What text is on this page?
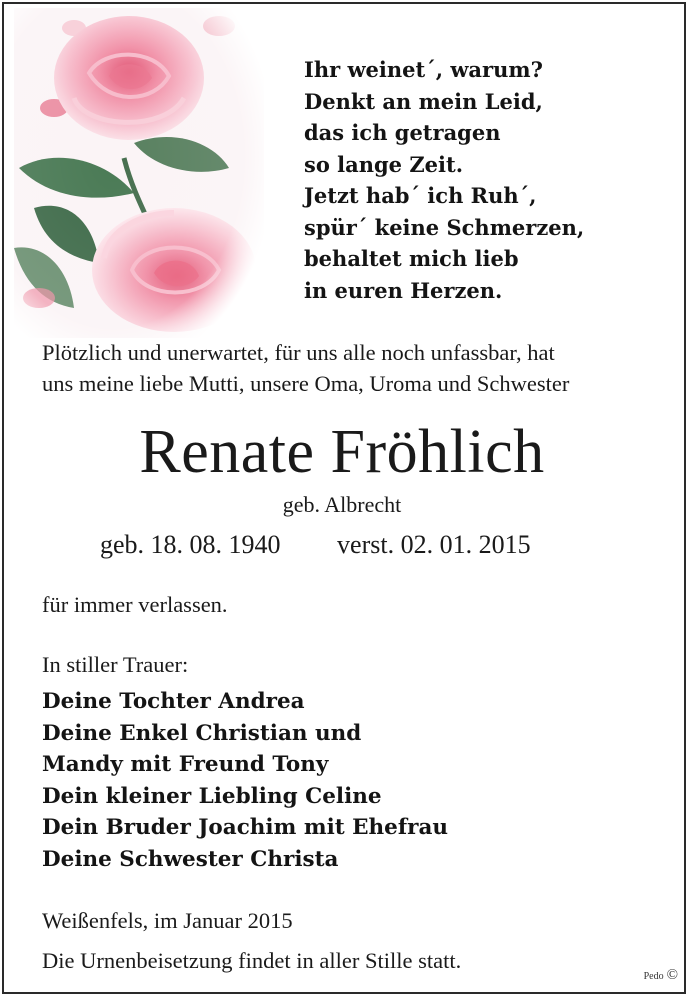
Ihr weinet´, warum?
Denkt an mein Leid,
das ich getragen
so lange Zeit.
Jetzt hab´ ich Ruh´,
spür´ keine Schmerzen,
behaltet mich lieb
in euren Herzen.
Plötzlich und unerwartet, für uns alle noch unfassbar, hat
uns meine liebe Mutti, unsere Oma, Uroma und Schwester
Renate Fröhlich
geb. Albrecht
geb. 18. 08. 1940 verst. 02. 01. 2015
für immer verlassen.
In stiller Trauer:
Deine Tochter Andrea
Deine Enkel Christian und
Mandy mit Freund Tony
Dein kleiner Liebling Celine
Dein Bruder Joachim mit Ehefrau
Deine Schwester Christa
Weißenfels, im Januar 2015
Die Urnenbeisetzung findet in aller Stille statt.
Pedo ©
